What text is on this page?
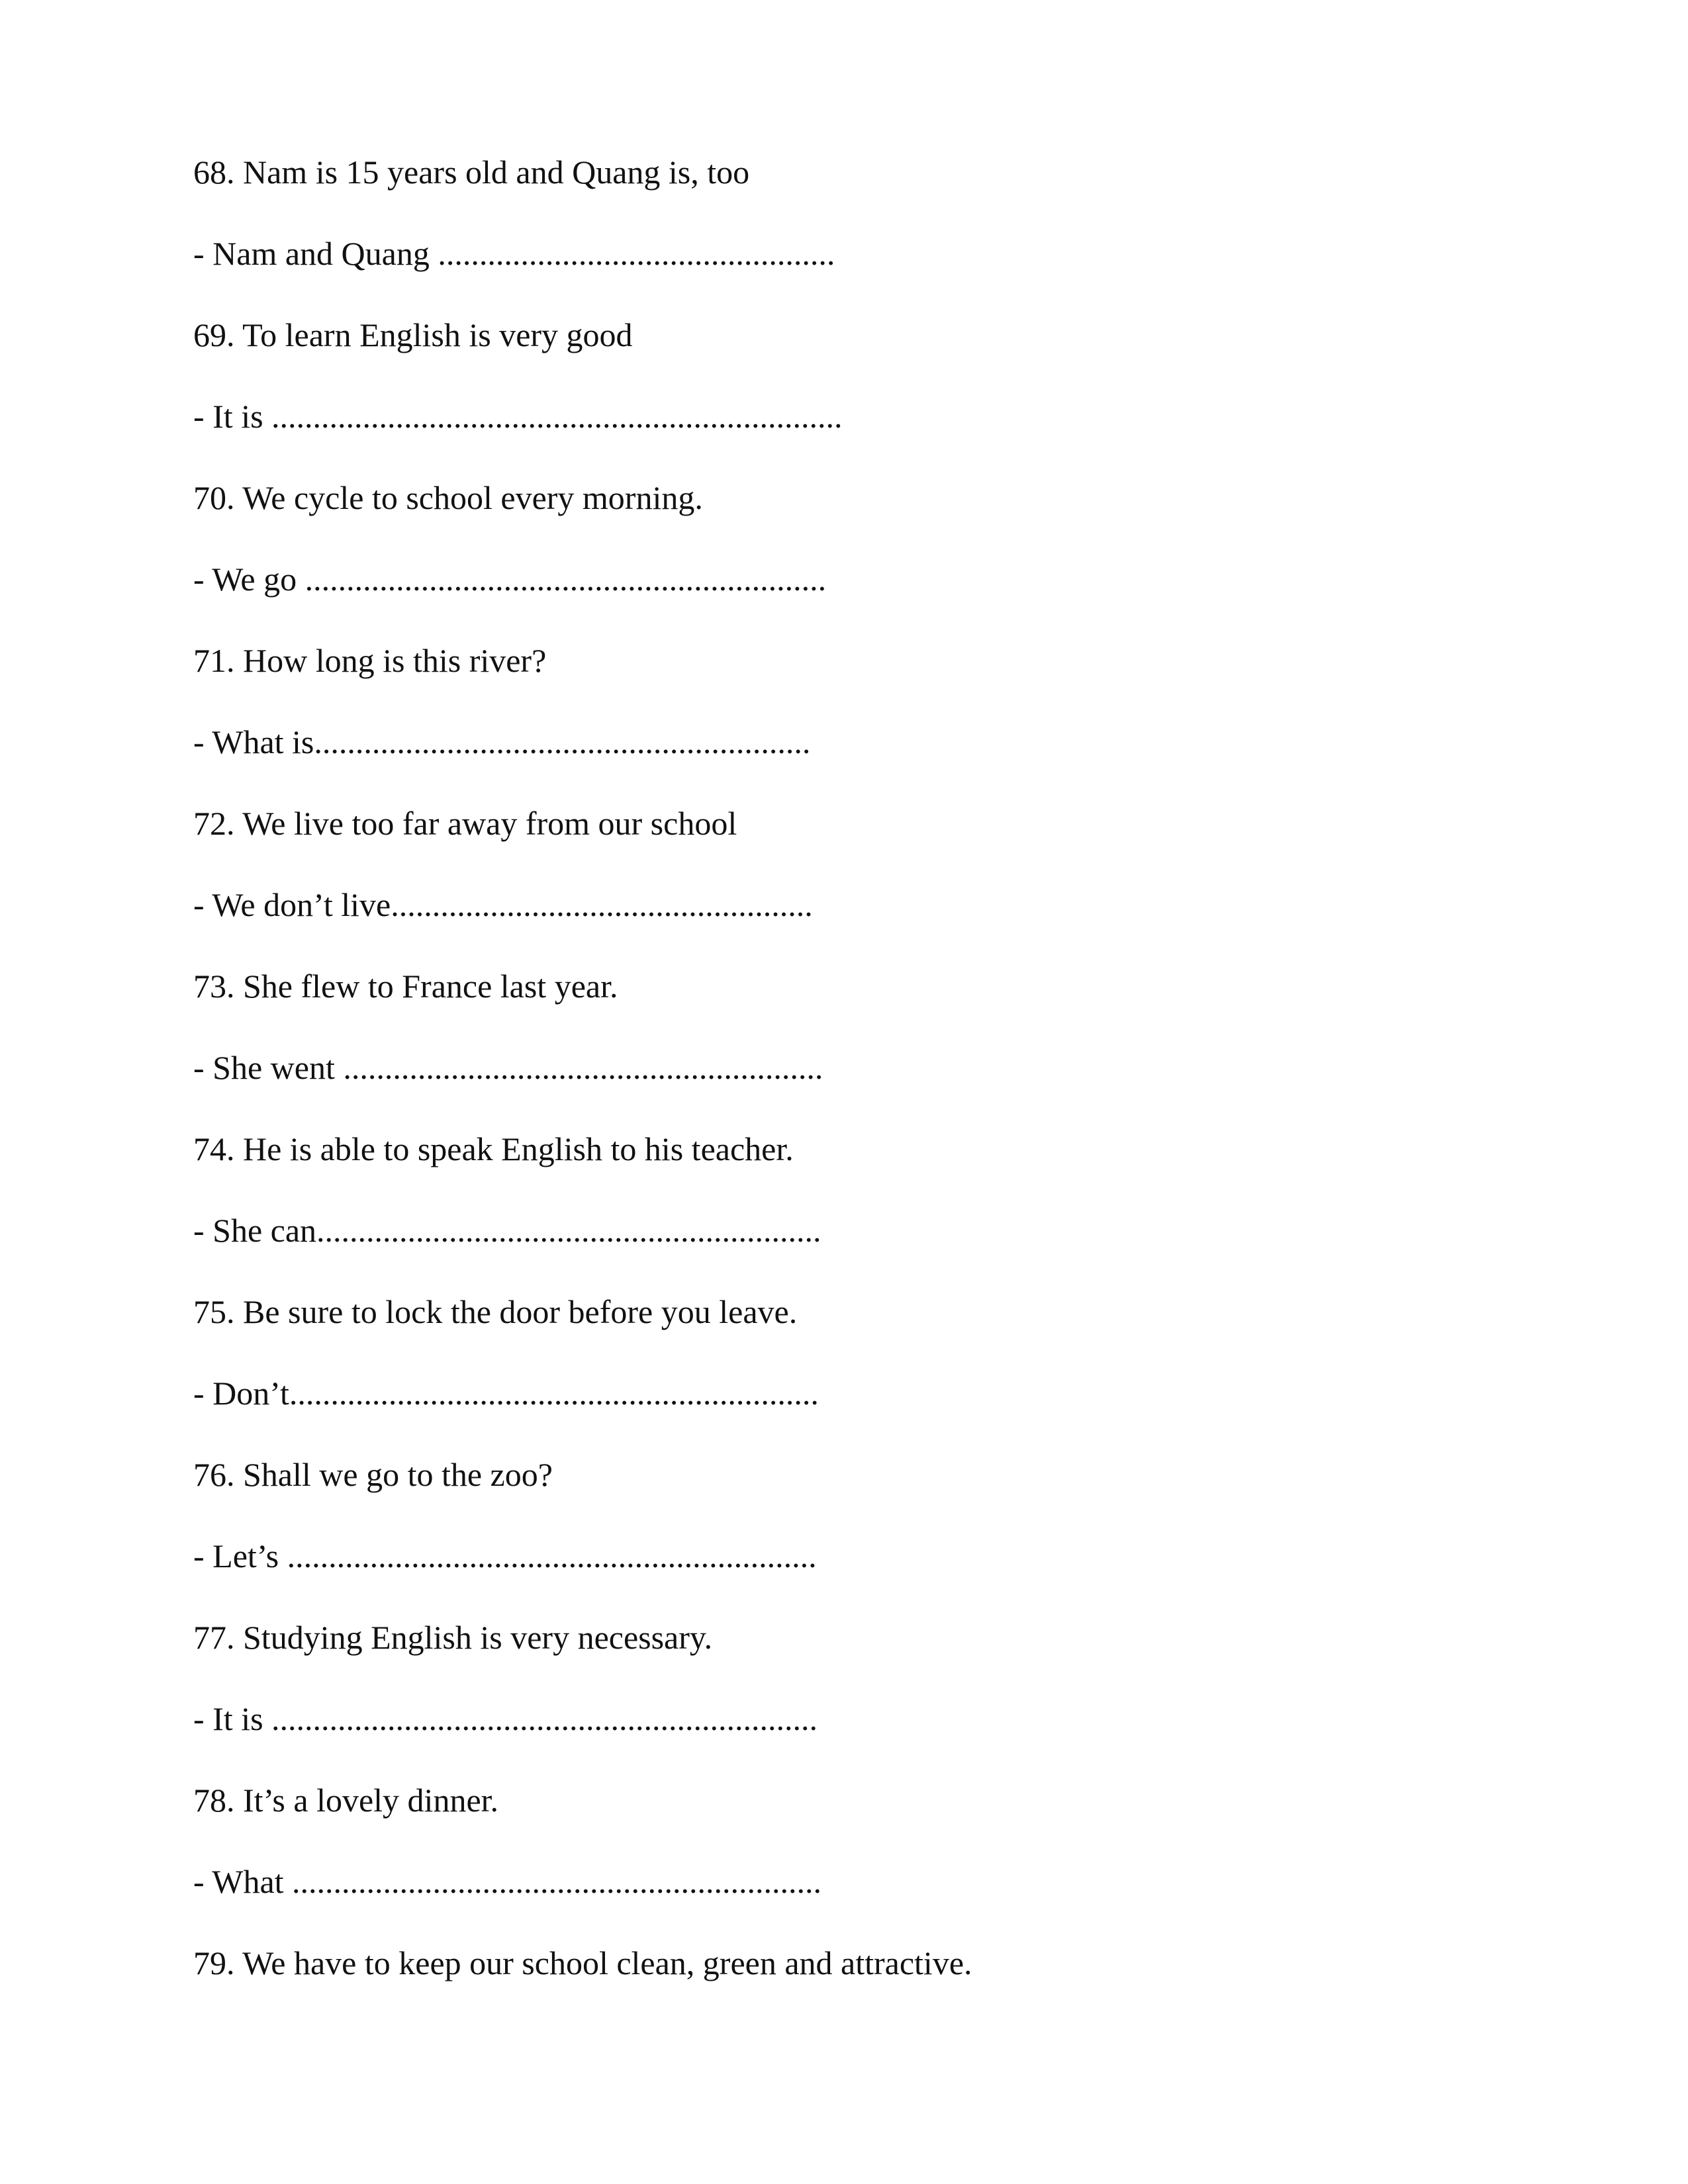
68. Nam is 15 years old and Quang is, too
- Nam and Quang ................................................
69. To learn English is very good
- It is .....................................................................
70. We cycle to school every morning.
- We go ...............................................................
71. How long is this river?
- What is............................................................
72. We live too far away from our school
- We don’t live...................................................
73. She flew to France last year.
- She went ..........................................................
74. He is able to speak English to his teacher.
- She can.............................................................
75. Be sure to lock the door before you leave.
- Don’t................................................................
76. Shall we go to the zoo?
- Let’s ................................................................
77. Studying English is very necessary.
- It is ..................................................................
78. It’s a lovely dinner.
- What ................................................................
79. We have to keep our school clean, green and attractive.
